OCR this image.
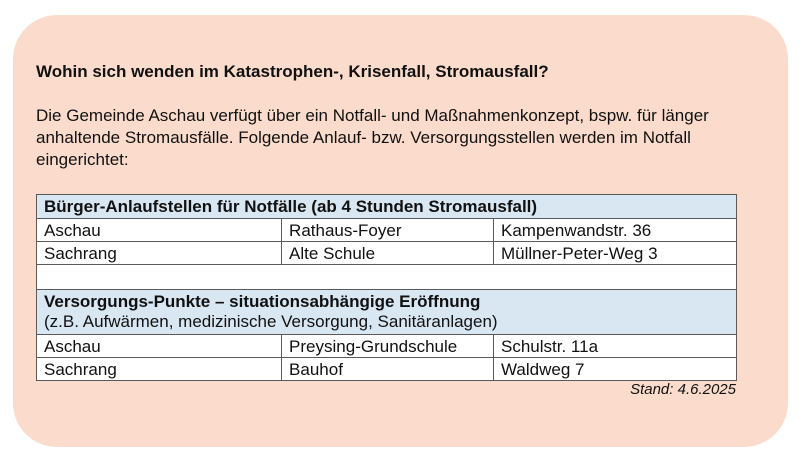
Wohin sich wenden im Katastrophen-, Krisenfall, Stromausfall?
Die Gemeinde Aschau verfügt über ein Notfall- und Maßnahmenkonzept, bspw. für länger anhaltende Stromausfälle. Folgende Anlauf- bzw. Versorgungsstellen werden im Notfall eingerichtet:
Bürger-Anlaufstellen für Notfälle (ab 4 Stunden Stromausfall)		
Aschau	Rathaus-Foyer	Kampenwandstr. 36
Sachrang	Alte Schule	Müllner-Peter-Weg 3

Versorgungs-Punkte – situationsabhängige Eröffnung
(z.B. Aufwärmen, medizinische Versorgung, Sanitäranlagen)		

Aschau	Preysing-Grundschule	Schulstr. 11a
Sachrang	Bauhof	Waldweg 7
Stand: 4.6.2025
